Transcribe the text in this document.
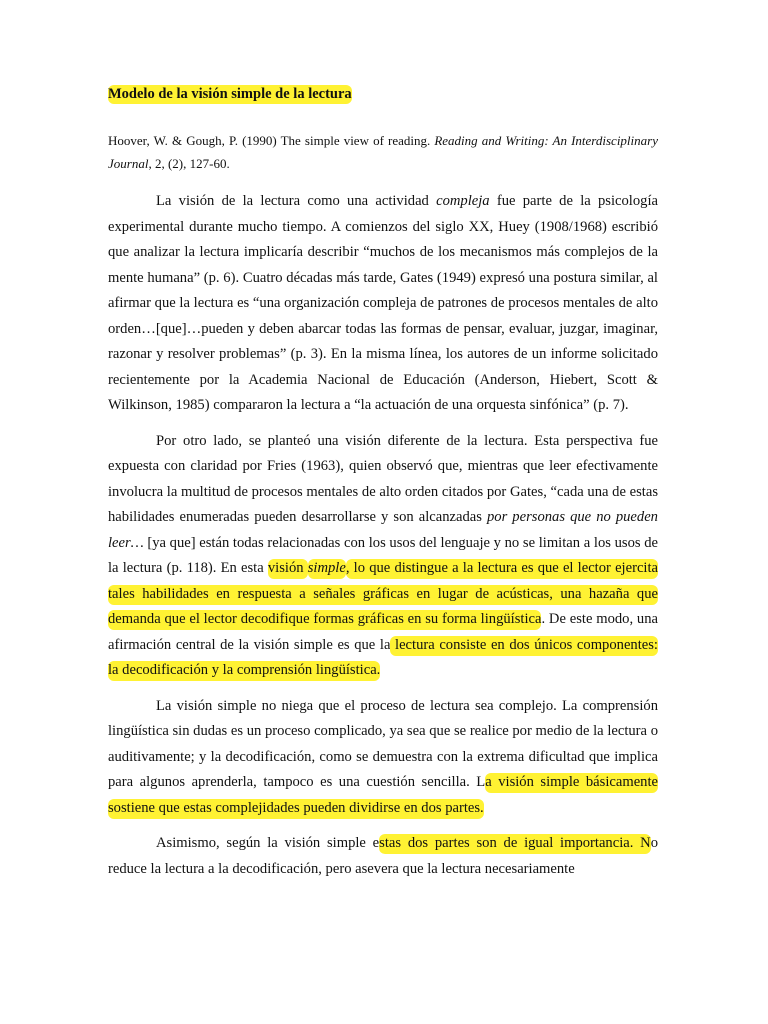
Modelo de la visión simple de la lectura

Hoover, W. & Gough, P. (1990) The simple view of reading. Reading and Writing: An Interdisciplinary Journal, 2, (2), 127-60.

La visión de la lectura como una actividad compleja fue parte de la psicología experimental durante mucho tiempo. A comienzos del siglo XX, Huey (1908/1968) escribió que analizar la lectura implicaría describir “muchos de los mecanismos más complejos de la mente humana” (p. 6). Cuatro décadas más tarde, Gates (1949) expresó una postura similar, al afirmar que la lectura es “una organización compleja de patrones de procesos mentales de alto orden…[que]…pueden y deben abarcar todas las formas de pensar, evaluar, juzgar, imaginar, razonar y resolver problemas” (p. 3). En la misma línea, los autores de un informe solicitado recientemente por la Academia Nacional de Educación (Anderson, Hiebert, Scott & Wilkinson, 1985) compararon la lectura a “la actuación de una orquesta sinfónica” (p. 7).

Por otro lado, se planteó una visión diferente de la lectura. Esta perspectiva fue expuesta con claridad por Fries (1963), quien observó que, mientras que leer efectivamente involucra la multitud de procesos mentales de alto orden citados por Gates, “cada una de estas habilidades enumeradas pueden desarrollarse y son alcanzadas por personas que no pueden leer… [ya que] están todas relacionadas con los usos del lenguaje y no se limitan a los usos de la lectura (p. 118). En esta visión simple, lo que distingue a la lectura es que el lector ejercita tales habilidades en respuesta a señales gráficas en lugar de acústicas, una hazaña que demanda que el lector decodifique formas gráficas en su forma lingüística. De este modo, una afirmación central de la visión simple es que la lectura consiste en dos únicos componentes: la decodificación y la comprensión lingüística.

La visión simple no niega que el proceso de lectura sea complejo. La comprensión lingüística sin dudas es un proceso complicado, ya sea que se realice por medio de la lectura o auditivamente; y la decodificación, como se demuestra con la extrema dificultad que implica para algunos aprenderla, tampoco es una cuestión sencilla. La visión simple básicamente sostiene que estas complejidades pueden dividirse en dos partes.

Asimismo, según la visión simple estas dos partes son de igual importancia. No reduce la lectura a la decodificación, pero asevera que la lectura necesariamente
